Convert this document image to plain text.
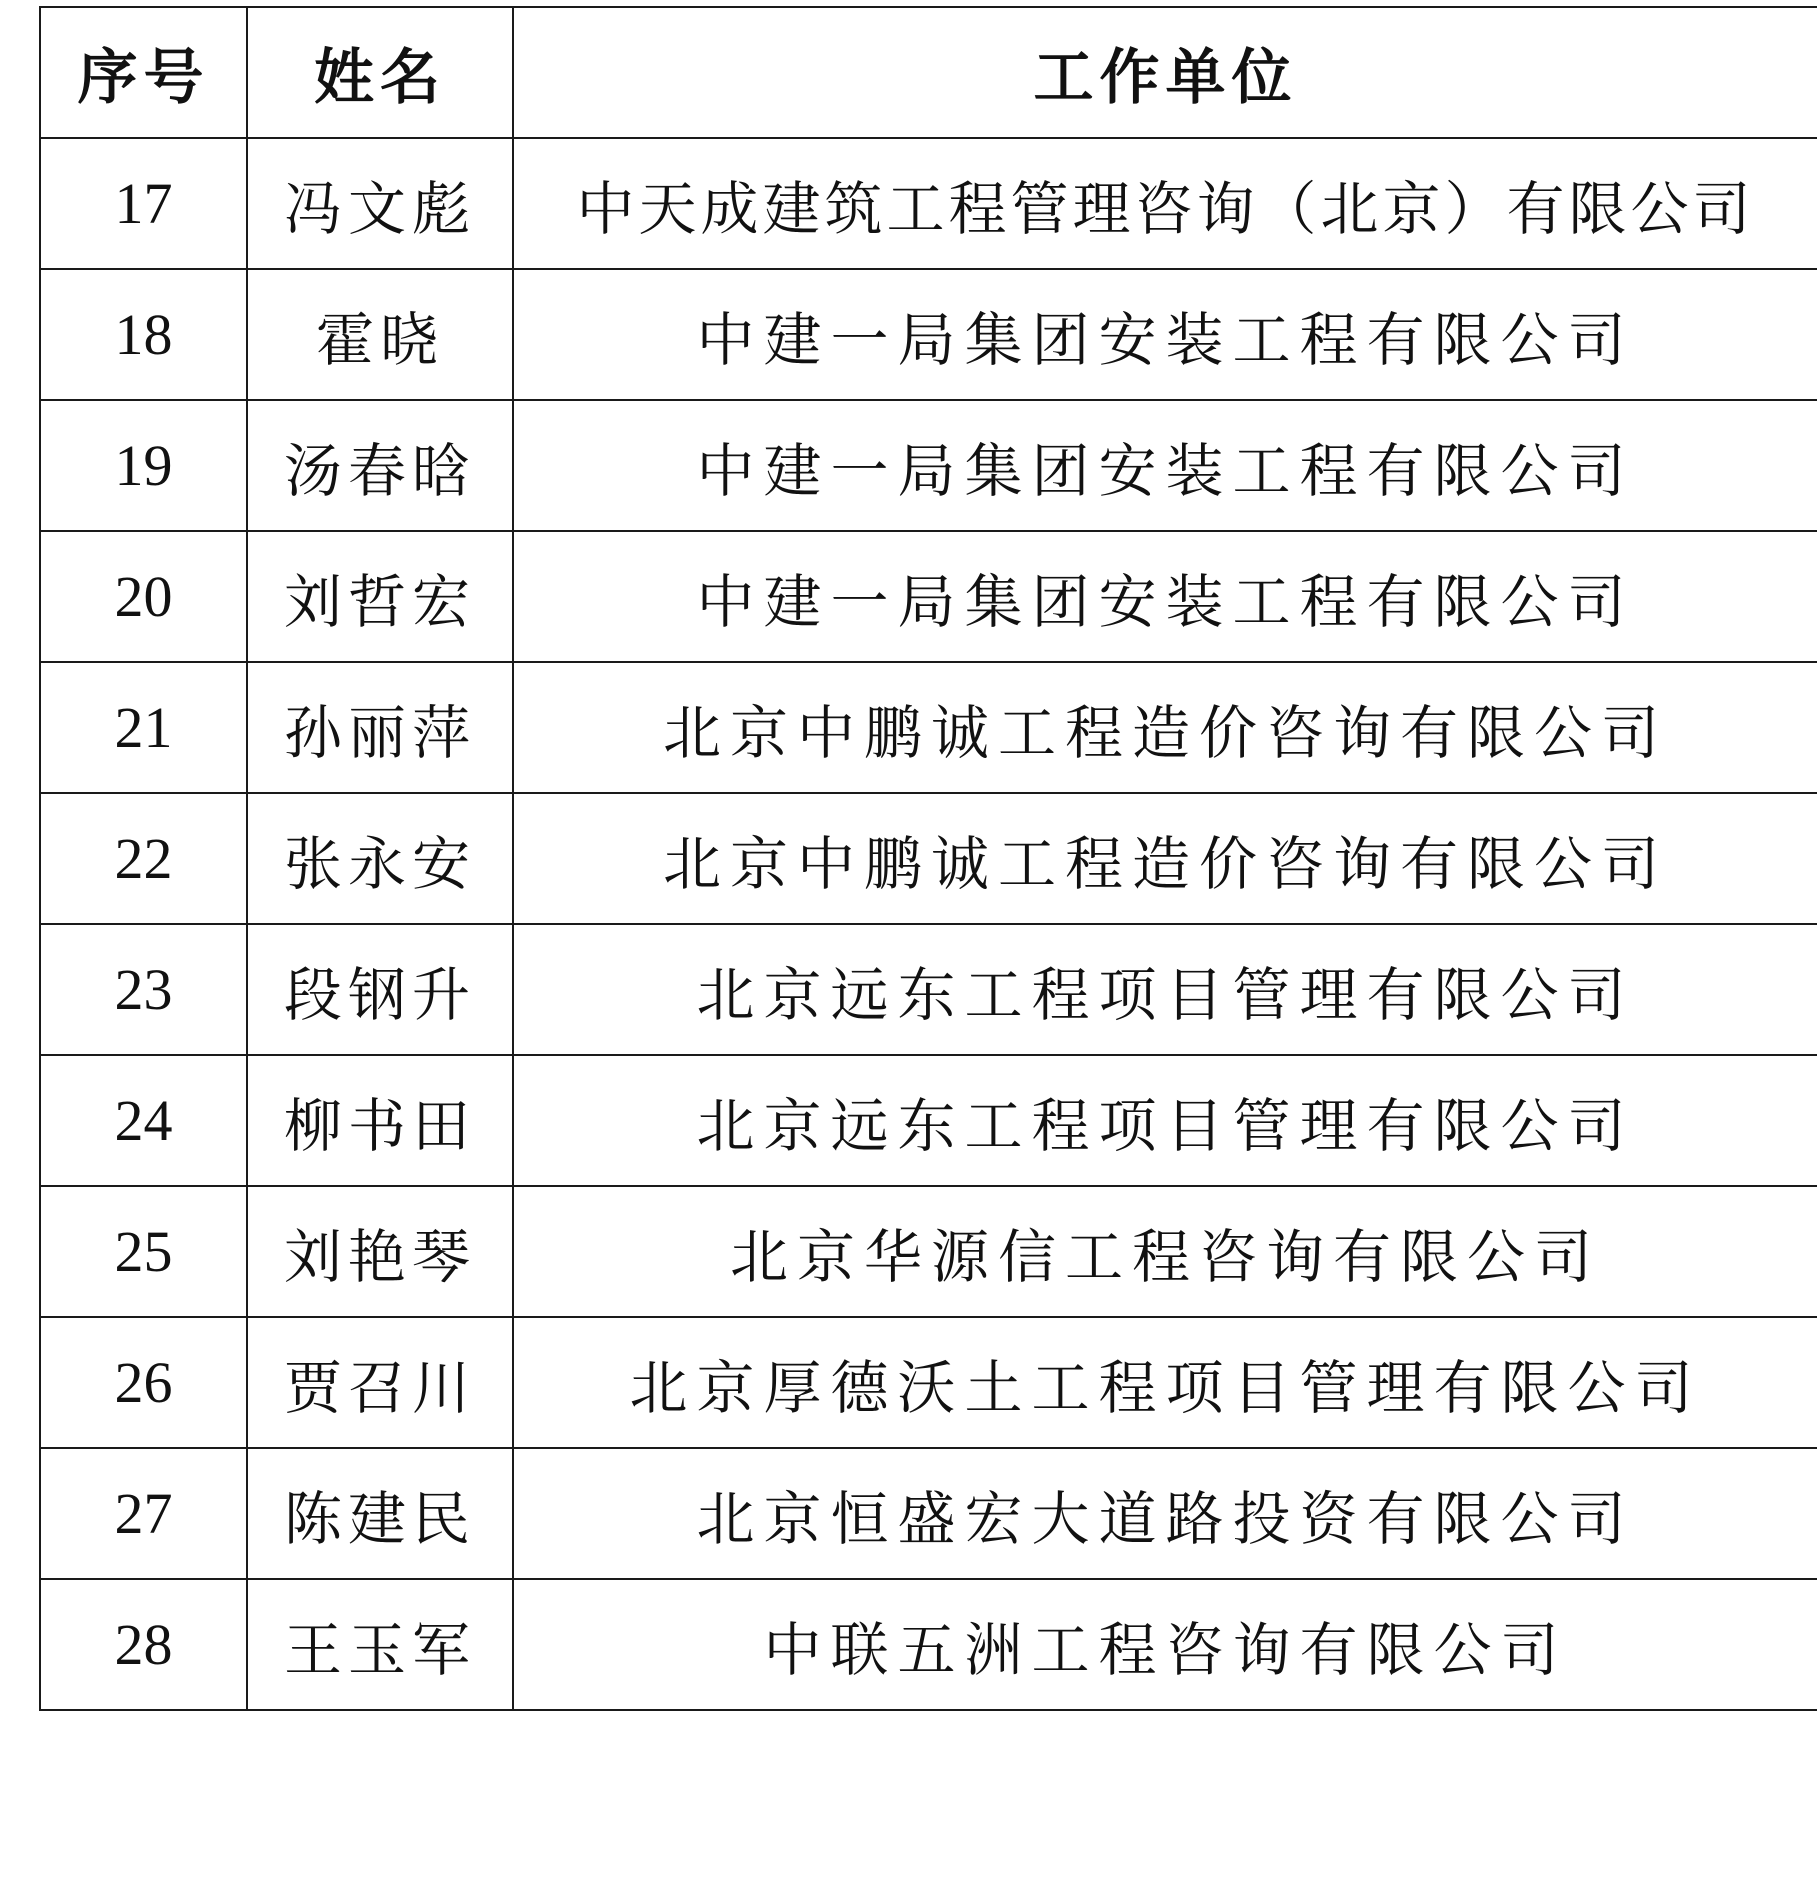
序号	姓名	工作单位
17	冯文彪	中天成建筑工程管理咨询（北京）有限公司
18	霍晓	中建一局集团安装工程有限公司
19	汤春晗	中建一局集团安装工程有限公司
20	刘哲宏	中建一局集团安装工程有限公司
21	孙丽萍	北京中鹏诚工程造价咨询有限公司
22	张永安	北京中鹏诚工程造价咨询有限公司
23	段钢升	北京远东工程项目管理有限公司
24	柳书田	北京远东工程项目管理有限公司
25	刘艳琴	北京华源信工程咨询有限公司
26	贾召川	北京厚德沃土工程项目管理有限公司
27	陈建民	北京恒盛宏大道路投资有限公司
28	王玉军	中联五洲工程咨询有限公司
